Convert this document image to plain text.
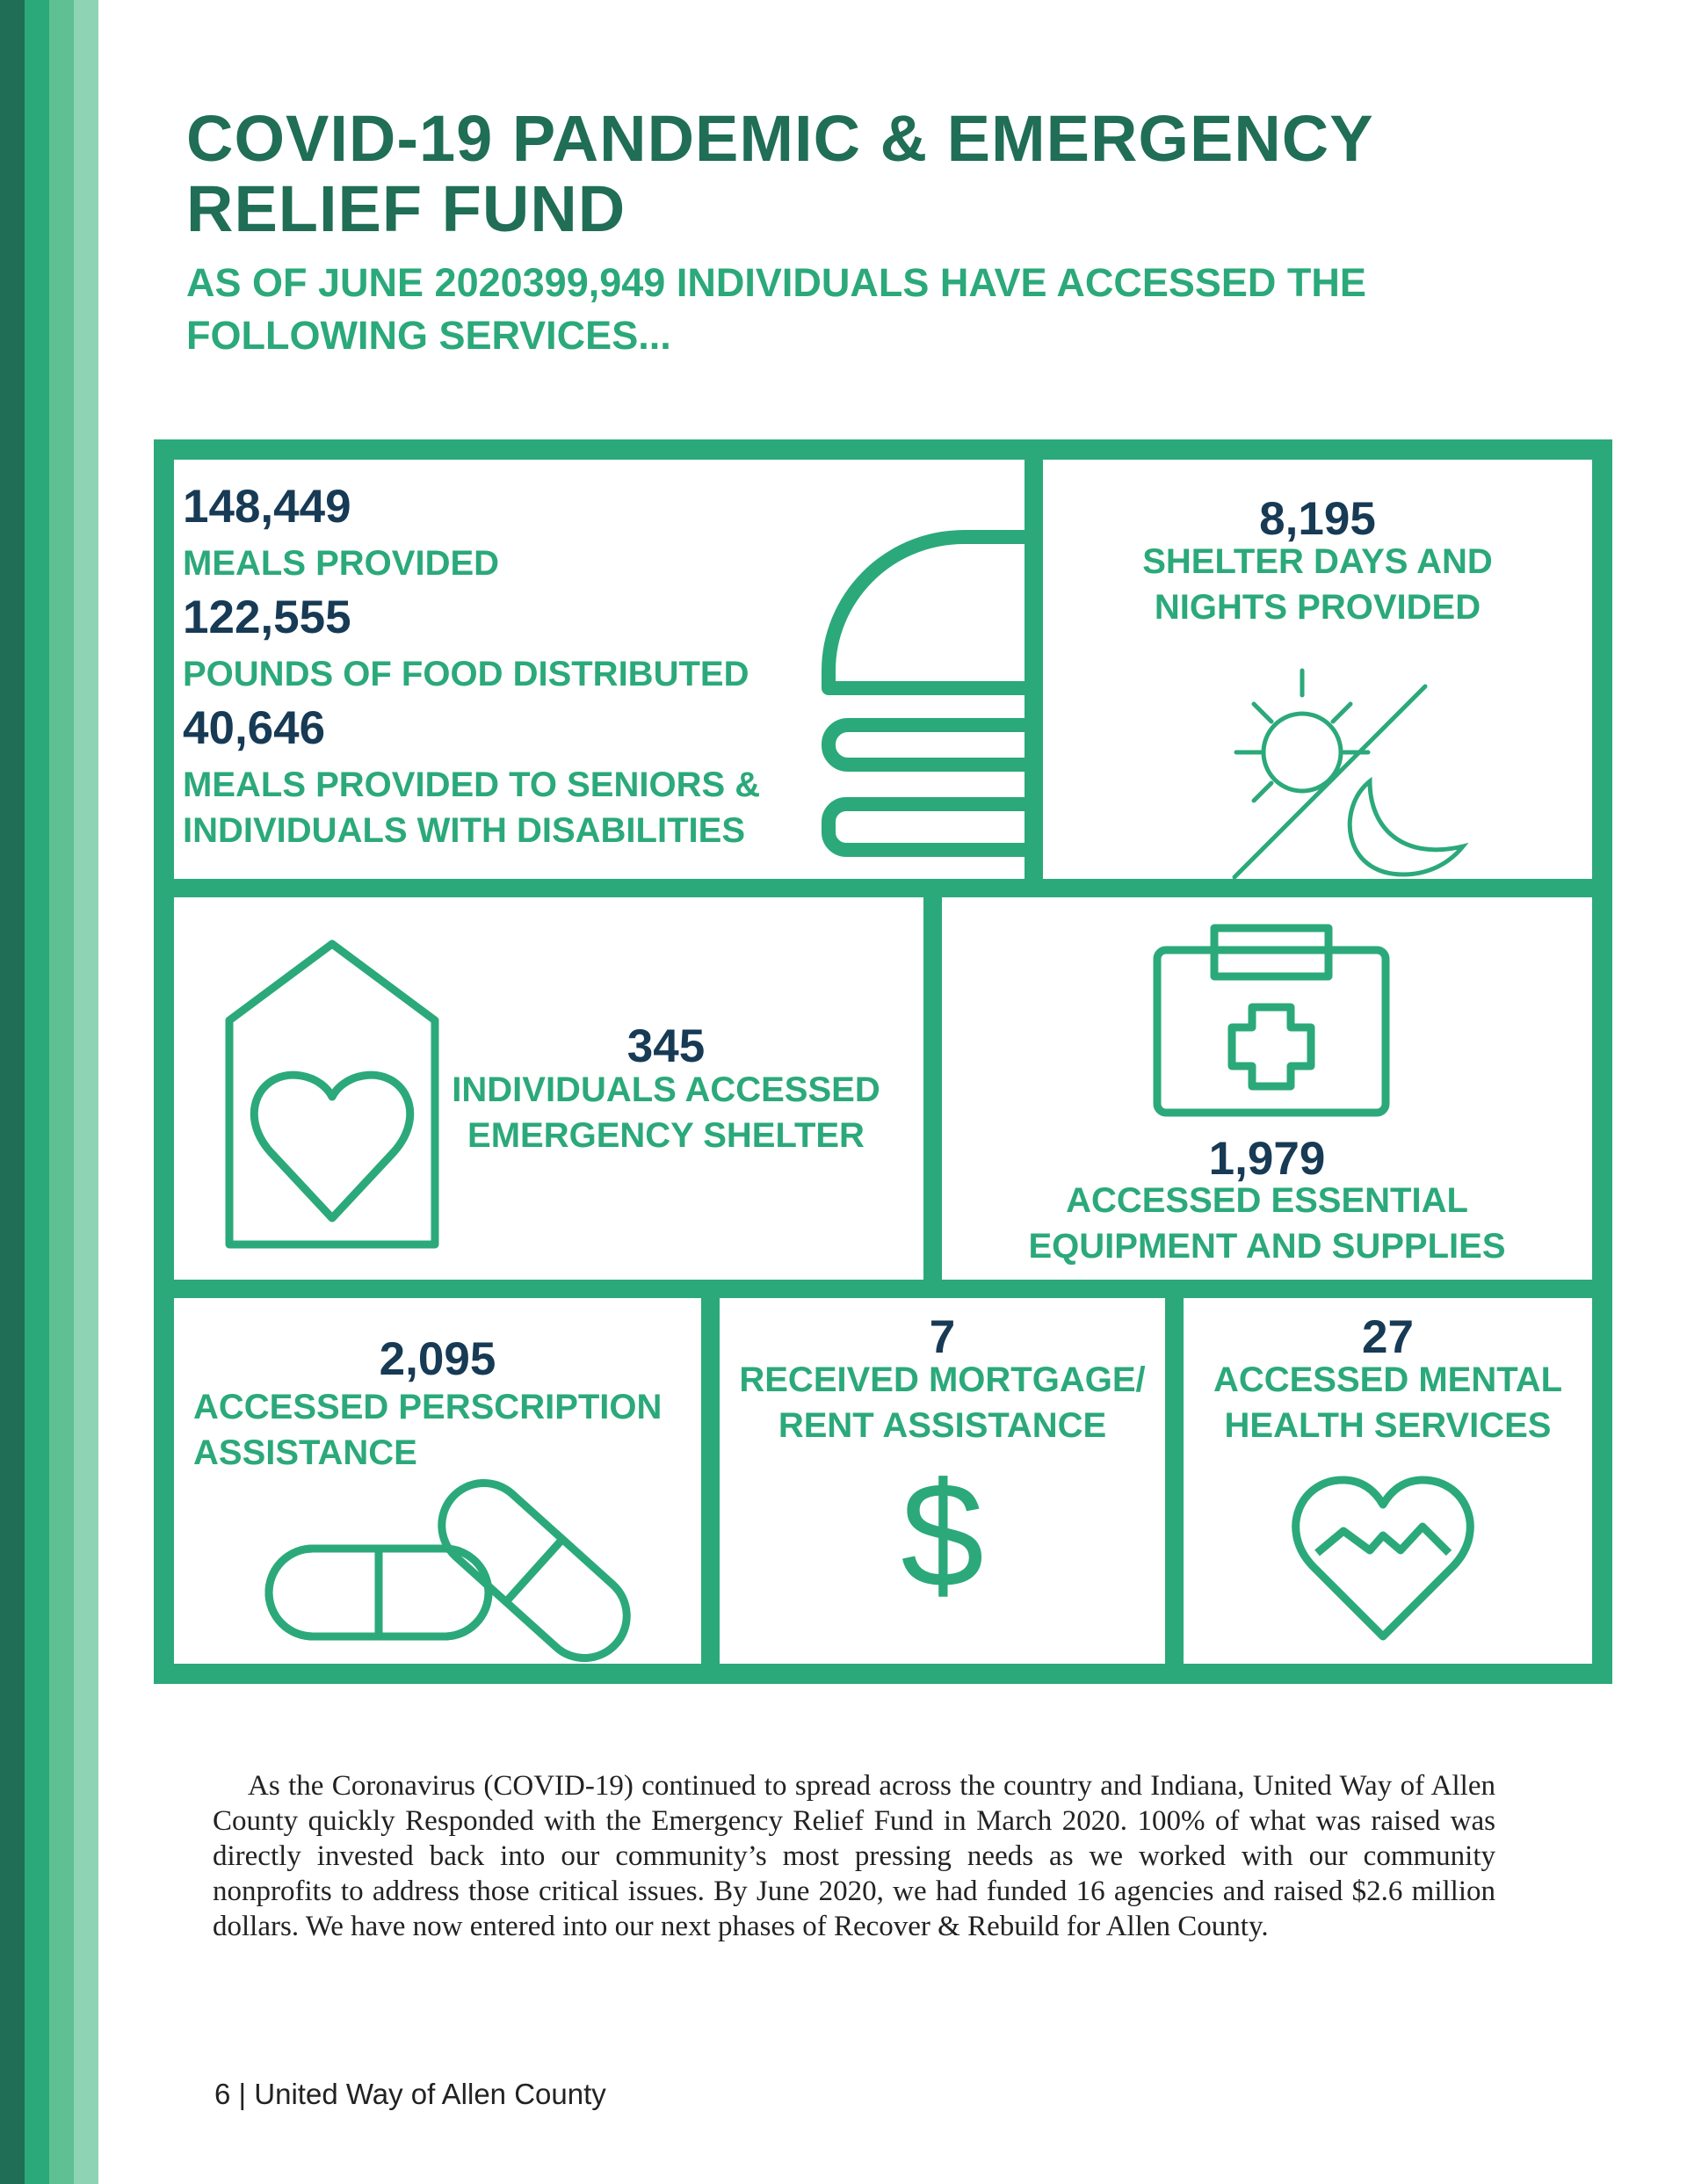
COVID-19 PANDEMIC & EMERGENCY RELIEF FUND
AS OF JUNE 2020399,949 INDIVIDUALS HAVE ACCESSED THE FOLLOWING SERVICES...
148,449
MEALS PROVIDED
122,555
POUNDS OF FOOD DISTRIBUTED
40,646
MEALS PROVIDED TO SENIORS &
INDIVIDUALS WITH DISABILITIES
8,195
SHELTER DAYS AND
NIGHTS PROVIDED
345
INDIVIDUALS ACCESSED
EMERGENCY SHELTER	1,979
ACCESSED ESSENTIAL
EQUIPMENT AND SUPPLIES
2,095
ACCESSED PERSCRIPTION
ASSISTANCE
7
RECEIVED MORTGAGE/
RENT ASSISTANCE
$
27
ACCESSED MENTAL
HEALTH SERVICES

As the Coronavirus (COVID-19) continued to spread across the country and Indiana, United Way of Allen County quickly Responded with the Emergency Relief Fund in March 2020. 100% of what was raised was directly invested back into our community’s most pressing needs as we worked with our community nonprofits to address those critical issues. By June 2020, we had funded 16 agencies and raised $2.6 million dollars. We have now entered into our next phases of Recover & Rebuild for Allen County.

6 | United Way of Allen County
